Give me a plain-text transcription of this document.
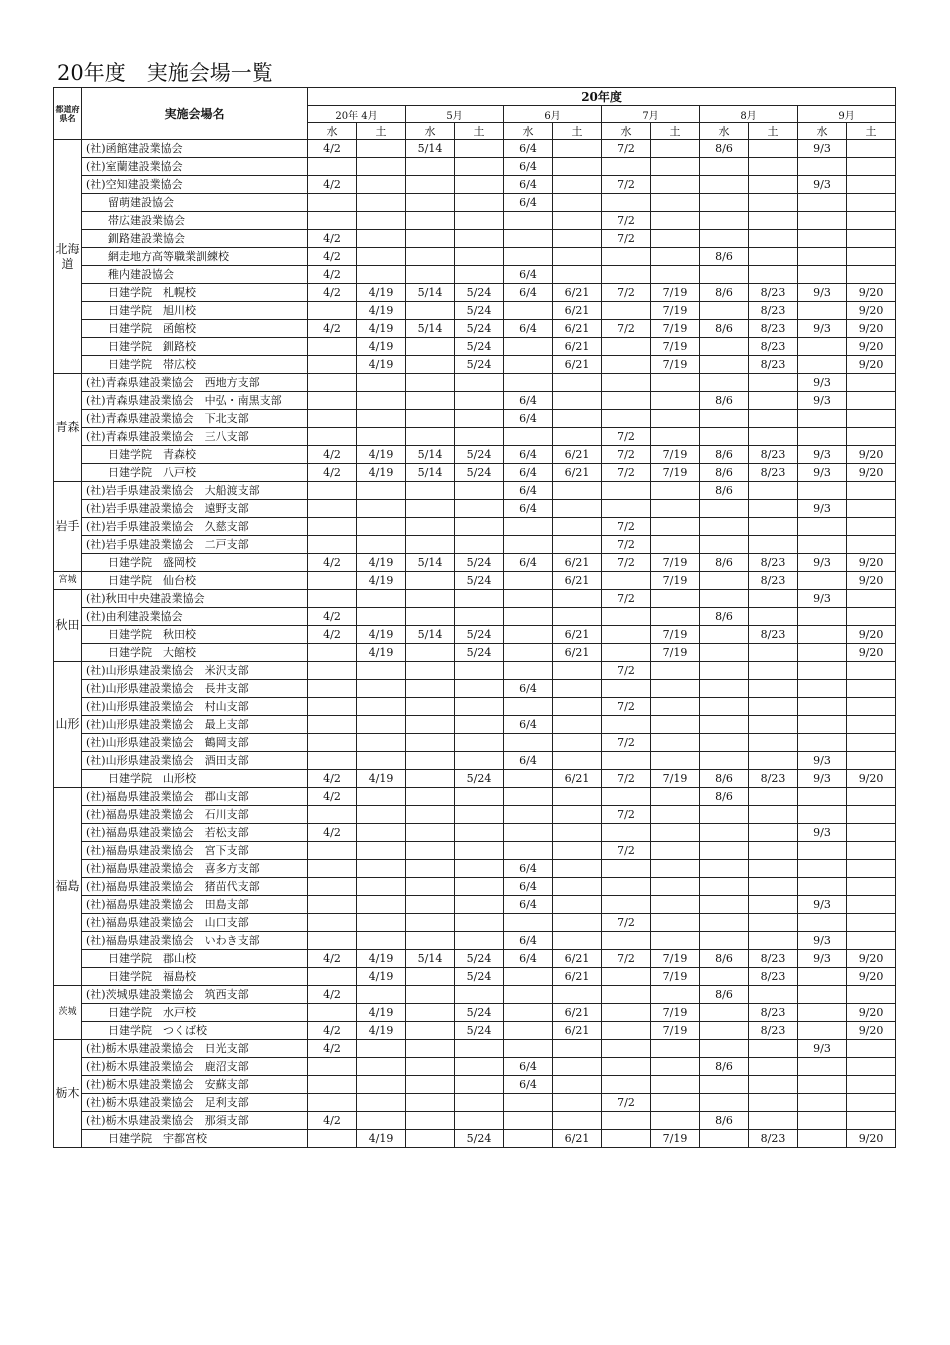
20年度　実施会場一覧
都道府県名	実施会場名	20年度											
		20年 4月		5月		6月		7月		8月		9月	
		水	土	水	土	水	土	水	土	水	土	水	土
北海道	(社)函館建設業協会	4/2		5/14		6/4		7/2		8/6		9/3	
	(社)室蘭建設業協会					6/4							
	(社)空知建設業協会	4/2				6/4		7/2				9/3	
	留萌建設協会					6/4							
	帯広建設業協会							7/2					
	釧路建設業協会	4/2						7/2					
	網走地方高等職業訓練校	4/2								8/6			
	稚内建設協会	4/2				6/4							
	日建学院　札幌校	4/2	4/19	5/14	5/24	6/4	6/21	7/2	7/19	8/6	8/23	9/3	9/20
	日建学院　旭川校		4/19		5/24		6/21		7/19		8/23		9/20
	日建学院　函館校	4/2	4/19	5/14	5/24	6/4	6/21	7/2	7/19	8/6	8/23	9/3	9/20
	日建学院　釧路校		4/19		5/24		6/21		7/19		8/23		9/20
	日建学院　帯広校		4/19		5/24		6/21		7/19		8/23		9/20
青森	(社)青森県建設業協会　西地方支部											9/3	
	(社)青森県建設業協会　中弘・南黒支部					6/4				8/6		9/3	
	(社)青森県建設業協会　下北支部					6/4							
	(社)青森県建設業協会　三八支部							7/2					
	日建学院　青森校	4/2	4/19	5/14	5/24	6/4	6/21	7/2	7/19	8/6	8/23	9/3	9/20
	日建学院　八戸校	4/2	4/19	5/14	5/24	6/4	6/21	7/2	7/19	8/6	8/23	9/3	9/20
岩手	(社)岩手県建設業協会　大船渡支部					6/4				8/6			
	(社)岩手県建設業協会　遠野支部					6/4						9/3	
	(社)岩手県建設業協会　久慈支部							7/2					
	(社)岩手県建設業協会　二戸支部							7/2					
	日建学院　盛岡校	4/2	4/19	5/14	5/24	6/4	6/21	7/2	7/19	8/6	8/23	9/3	9/20
宮城	日建学院　仙台校		4/19		5/24		6/21		7/19		8/23		9/20
秋田	(社)秋田中央建設業協会							7/2				9/3	
	(社)由利建設業協会	4/2								8/6			
	日建学院　秋田校	4/2	4/19	5/14	5/24		6/21		7/19		8/23		9/20
	日建学院　大館校		4/19		5/24		6/21		7/19				9/20
山形	(社)山形県建設業協会　米沢支部							7/2					
	(社)山形県建設業協会　長井支部					6/4							
	(社)山形県建設業協会　村山支部							7/2					
	(社)山形県建設業協会　最上支部					6/4							
	(社)山形県建設業協会　鶴岡支部							7/2					
	(社)山形県建設業協会　酒田支部					6/4						9/3	
	日建学院　山形校	4/2	4/19		5/24		6/21	7/2	7/19	8/6	8/23	9/3	9/20
福島	(社)福島県建設業協会　郡山支部	4/2								8/6			
	(社)福島県建設業協会　石川支部							7/2					
	(社)福島県建設業協会　若松支部	4/2										9/3	
	(社)福島県建設業協会　宮下支部							7/2					
	(社)福島県建設業協会　喜多方支部					6/4							
	(社)福島県建設業協会　猪苗代支部					6/4							
	(社)福島県建設業協会　田島支部					6/4						9/3	
	(社)福島県建設業協会　山口支部							7/2					
	(社)福島県建設業協会　いわき支部					6/4						9/3	
	日建学院　郡山校	4/2	4/19	5/14	5/24	6/4	6/21	7/2	7/19	8/6	8/23	9/3	9/20
	日建学院　福島校		4/19		5/24		6/21		7/19		8/23		9/20
茨城	(社)茨城県建設業協会　筑西支部	4/2								8/6			
	日建学院　水戸校		4/19		5/24		6/21		7/19		8/23		9/20
	日建学院　つくば校	4/2	4/19		5/24		6/21		7/19		8/23		9/20
栃木	(社)栃木県建設業協会　日光支部	4/2										9/3	
	(社)栃木県建設業協会　鹿沼支部					6/4				8/6			
	(社)栃木県建設業協会　安蘇支部					6/4							
	(社)栃木県建設業協会　足利支部							7/2					
	(社)栃木県建設業協会　那須支部	4/2								8/6			
	日建学院　宇都宮校		4/19		5/24		6/21		7/19		8/23		9/20
